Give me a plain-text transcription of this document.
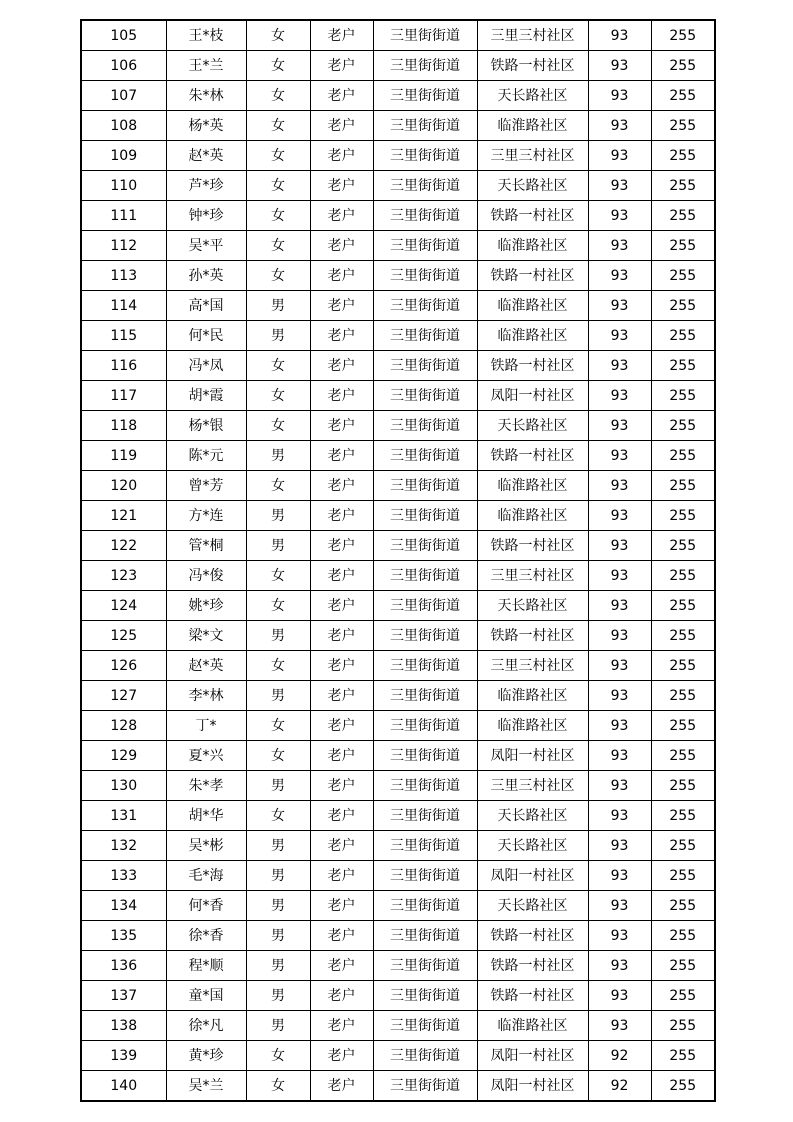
105	王*枝	女	老户	三里街街道	三里三村社区	93	255
106	王*兰	女	老户	三里街街道	铁路一村社区	93	255
107	朱*林	女	老户	三里街街道	天长路社区	93	255
108	杨*英	女	老户	三里街街道	临淮路社区	93	255
109	赵*英	女	老户	三里街街道	三里三村社区	93	255
110	芦*珍	女	老户	三里街街道	天长路社区	93	255
111	钟*珍	女	老户	三里街街道	铁路一村社区	93	255
112	吴*平	女	老户	三里街街道	临淮路社区	93	255
113	孙*英	女	老户	三里街街道	铁路一村社区	93	255
114	高*国	男	老户	三里街街道	临淮路社区	93	255
115	何*民	男	老户	三里街街道	临淮路社区	93	255
116	冯*凤	女	老户	三里街街道	铁路一村社区	93	255
117	胡*霞	女	老户	三里街街道	凤阳一村社区	93	255
118	杨*银	女	老户	三里街街道	天长路社区	93	255
119	陈*元	男	老户	三里街街道	铁路一村社区	93	255
120	曾*芳	女	老户	三里街街道	临淮路社区	93	255
121	方*连	男	老户	三里街街道	临淮路社区	93	255
122	管*桐	男	老户	三里街街道	铁路一村社区	93	255
123	冯*俊	女	老户	三里街街道	三里三村社区	93	255
124	姚*珍	女	老户	三里街街道	天长路社区	93	255
125	梁*文	男	老户	三里街街道	铁路一村社区	93	255
126	赵*英	女	老户	三里街街道	三里三村社区	93	255
127	李*林	男	老户	三里街街道	临淮路社区	93	255
128	丁*	女	老户	三里街街道	临淮路社区	93	255
129	夏*兴	女	老户	三里街街道	凤阳一村社区	93	255
130	朱*孝	男	老户	三里街街道	三里三村社区	93	255
131	胡*华	女	老户	三里街街道	天长路社区	93	255
132	吴*彬	男	老户	三里街街道	天长路社区	93	255
133	毛*海	男	老户	三里街街道	凤阳一村社区	93	255
134	何*香	男	老户	三里街街道	天长路社区	93	255
135	徐*香	男	老户	三里街街道	铁路一村社区	93	255
136	程*顺	男	老户	三里街街道	铁路一村社区	93	255
137	童*国	男	老户	三里街街道	铁路一村社区	93	255
138	徐*凡	男	老户	三里街街道	临淮路社区	93	255
139	黄*珍	女	老户	三里街街道	凤阳一村社区	92	255
140	吴*兰	女	老户	三里街街道	凤阳一村社区	92	255
